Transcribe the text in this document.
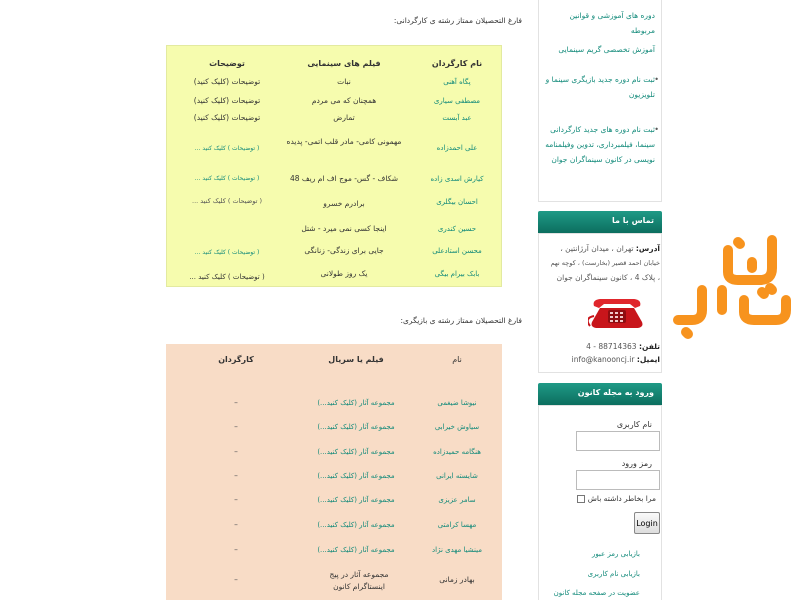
فارغ التحصیلان ممتاز رشته ی کارگردانی:
نام کارگردان
فیلم های سینمایی
توضیحات
پگاه آهنی
نبات
توضیحات (کلیک کنید)
مصطفی سیاری
همچنان که می مردم
توضیحات (کلیک کنید)
عبد آبست
تمارض
توضیحات (کلیک کنید)
علی احمدزاده
مهمونی کامی- مادر قلب اتمی- پدیده
( توضیحات ) کلیک کنید ...
کیارش اسدی زاده
شکاف - گس- موج اف ام ریف 48
( توضیحات ) کلیک کنید ...
احسان بیگلری
برادرم خسرو
( توضیحات ) کلیک کنید ...
حسین کندری
اینجا کسی نمی میرد - شتل
محسن استادعلی
جایی برای زندگی- زنانگی
( توضیحات ) کلیک کنید ...
بابک بیرام بیگی
یک روز طولانی
( توضیحات ) کلیک کنید ...
فارغ التحصیلان ممتاز رشته ی بازیگری:
نام
فیلم یا سریال
کارگردان
نیوشا ضیغمی
مجموعه آثار (کلیک کنید...)
–
سیاوش خیرابی
مجموعه آثار (کلیک کنید...)
–
هنگامه حمیدزاده
مجموعه آثار (کلیک کنید...)
–
شایسته ایرانی
مجموعه آثار (کلیک کنید...)
–
سامر عزیزی
مجموعه آثار (کلیک کنید...)
–
مهسا کرامتی
مجموعه آثار (کلیک کنید...)
–
مینشیا مهدی نژاد
مجموعه آثار (کلیک کنید...)
–
بهادر زمانی
مجموعه آثار در پیج اینستاگرام کانون
–
دوره های آموزشی و قوانین مربوطه
آموزش تخصصی گریم سینمایی
•
ثبت نام دوره جدید بازیگری سینما و تلویزیون
•
ثبت نام دوره های جدید کارگردانی سینما، فیلمبرداری، تدوین وفیلمنامه نویسی در کانون سینماگران جوان
تماس با ما
آدرس: تهران ، میدان آرژانتین ،
خیابان احمد قصیر (بخارست) ، کوچه نهم
، پلاک 4 ، کانون سینماگران جوان
تلفن: 88714363 - 4
ایمیل: info@kanooncj.ir
ورود به مجله کانون
نام کاربری
رمز ورود
مرا بخاطر داشته باش
Login
بازیابی رمز عبور
بازیابی نام کاربری
عضویت در صفحه مجله کانون
